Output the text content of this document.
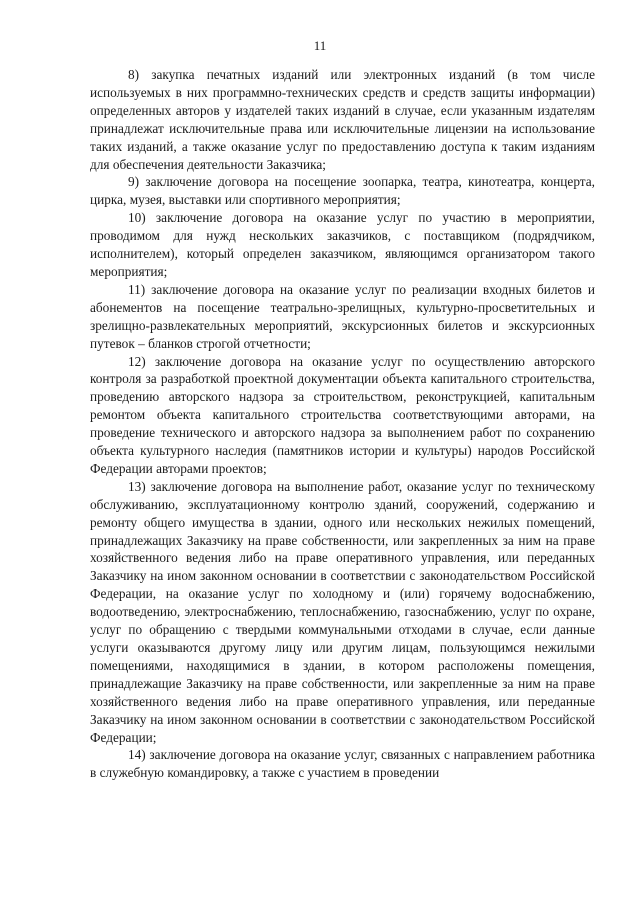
11

8) закупка печатных изданий или электронных изданий (в том числе используемых в них программно-технических средств и средств защиты информации) определенных авторов у издателей таких изданий в случае, если указанным издателям принадлежат исключительные права или исключительные лицензии на использование таких изданий, а также оказание услуг по предоставлению доступа к таким изданиям для обеспечения деятельности Заказчика;

9) заключение договора на посещение зоопарка, театра, кинотеатра, концерта, цирка, музея, выставки или спортивного мероприятия;

10) заключение договора на оказание услуг по участию в мероприятии, проводимом для нужд нескольких заказчиков, с поставщиком (подрядчиком, исполнителем), который определен заказчиком, являющимся организатором такого мероприятия;

11) заключение договора на оказание услуг по реализации входных билетов и абонементов на посещение театрально-зрелищных, культурно-просветительных и зрелищно-развлекательных мероприятий, экскурсионных билетов и экскурсионных путевок – бланков строгой отчетности;

12) заключение договора на оказание услуг по осуществлению авторского контроля за разработкой проектной документации объекта капитального строительства, проведению авторского надзора за строительством, реконструкцией, капитальным ремонтом объекта капитального строительства соответствующими авторами, на проведение технического и авторского надзора за выполнением работ по сохранению объекта культурного наследия (памятников истории и культуры) народов Российской Федерации авторами проектов;

13) заключение договора на выполнение работ, оказание услуг по техническому обслуживанию, эксплуатационному контролю зданий, сооружений, содержанию и ремонту общего имущества в здании, одного или нескольких нежилых помещений, принадлежащих Заказчику на праве собственности, или закрепленных за ним на праве хозяйственного ведения либо на праве оперативного управления, или переданных Заказчику на ином законном основании в соответствии с законодательством Российской Федерации, на оказание услуг по холодному и (или) горячему водоснабжению, водоотведению, электроснабжению, теплоснабжению, газоснабжению, услуг по охране, услуг по обращению с твердыми коммунальными отходами в случае, если данные услуги оказываются другому лицу или другим лицам, пользующимся нежилыми помещениями, находящимися в здании, в котором расположены помещения, принадлежащие Заказчику на праве собственности, или закрепленные за ним на праве хозяйственного ведения либо на праве оперативного управления, или переданные Заказчику на ином законном основании в соответствии с законодательством Российской Федерации;

14) заключение договора на оказание услуг, связанных с направлением работника в служебную командировку, а также с участием в проведении
